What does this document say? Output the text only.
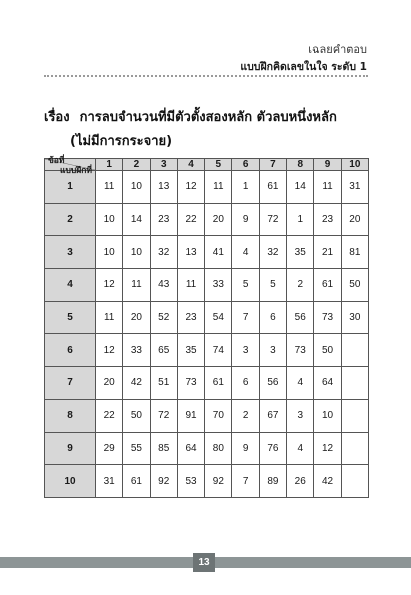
เฉลยคำตอบ
แบบฝึกคิดเลขในใจ ระดับ 1
เรื่อง การลบจำนวนที่มีตัวตั้งสองหลัก ตัวลบหนึ่งหลัก
(ไม่มีการกระจาย)
แบบฝึกที่
ข้อที่	1	2	3	4	5	6	7	8	9	10
1	11	10	13	12	11	1	61	14	11	31
2	10	14	23	22	20	9	72	1	23	20
3	10	10	32	13	41	4	32	35	21	81
4	12	11	43	11	33	5	5	2	61	50
5	11	20	52	23	54	7	6	56	73	30
6	12	33	65	35	74	3	3	73	50	
7	20	42	51	73	61	6	56	4	64	
8	22	50	72	91	70	2	67	3	10	
9	29	55	85	64	80	9	76	4	12	
10	31	61	92	53	92	7	89	26	42	
13
